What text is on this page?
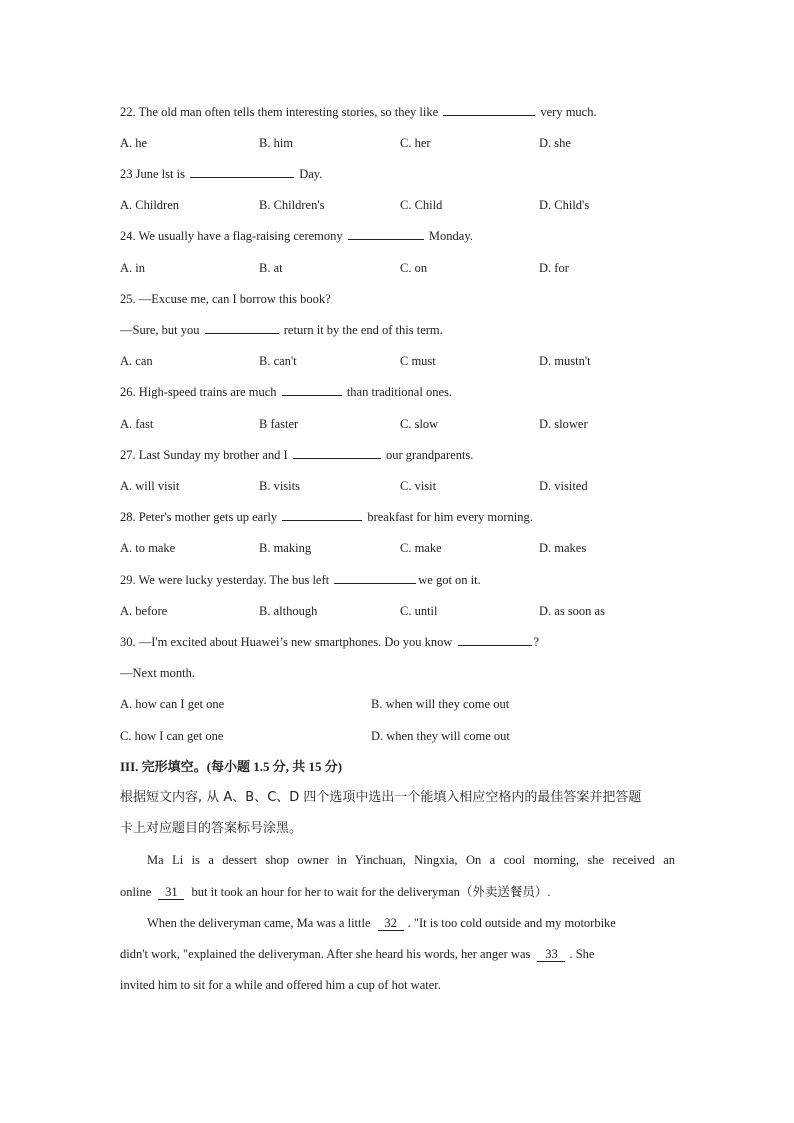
22. The old man often tells them interesting stories, so they like	very much.
A. he	B. him	C. her	D. she
23 June lst is	Day.
A. Children	B. Children's	C. Child	D. Child's
24. We usually have a flag-raising ceremony	Monday.
A. in	B. at	C. on	D. for
25. —Excuse me, can I borrow this book?
—Sure, but you	return it by the end of this term.
A. can	B. can't	C must	D. mustn't
26. High-speed trains are much	than traditional ones.
A. fast	B faster	C. slow	D. slower
27. Last Sunday my brother and I	our grandparents.
A. will visit	B. visits	C. visit	D. visited
28. Peter's mother gets up early	breakfast for him every morning.
A. to make	B. making	C. make	D. makes
29. We were lucky yesterday. The bus left	we got on it.
A. before	B. although	C. until	D. as soon as
30. —I'm excited about Huawei’s new smartphones. Do you know	?
—Next month.
A. how can I get one	B. when will they come out
C. how I can get one	D. when they will come out
III. 完形填空。(每小题 1.5 分, 共 15 分)
根据短文内容, 从 A、B、C、D 四个选项中选出一个能填入相应空格内的最佳答案并把答题
卡上对应题目的答案标号涂黑。
Ma Li is a dessert shop owner in Yinchuan, Ningxia, On a cool morning, she received an
online 31 but it took an hour for her to wait for the deliveryman（外卖送餐员）.
When the deliveryman came, Ma was a little 32 . "It is too cold outside and my motorbike
didn't work, "explained the deliveryman. After she heard his words, her anger was 33 . She
invited him to sit for a while and offered him a cup of hot water.
